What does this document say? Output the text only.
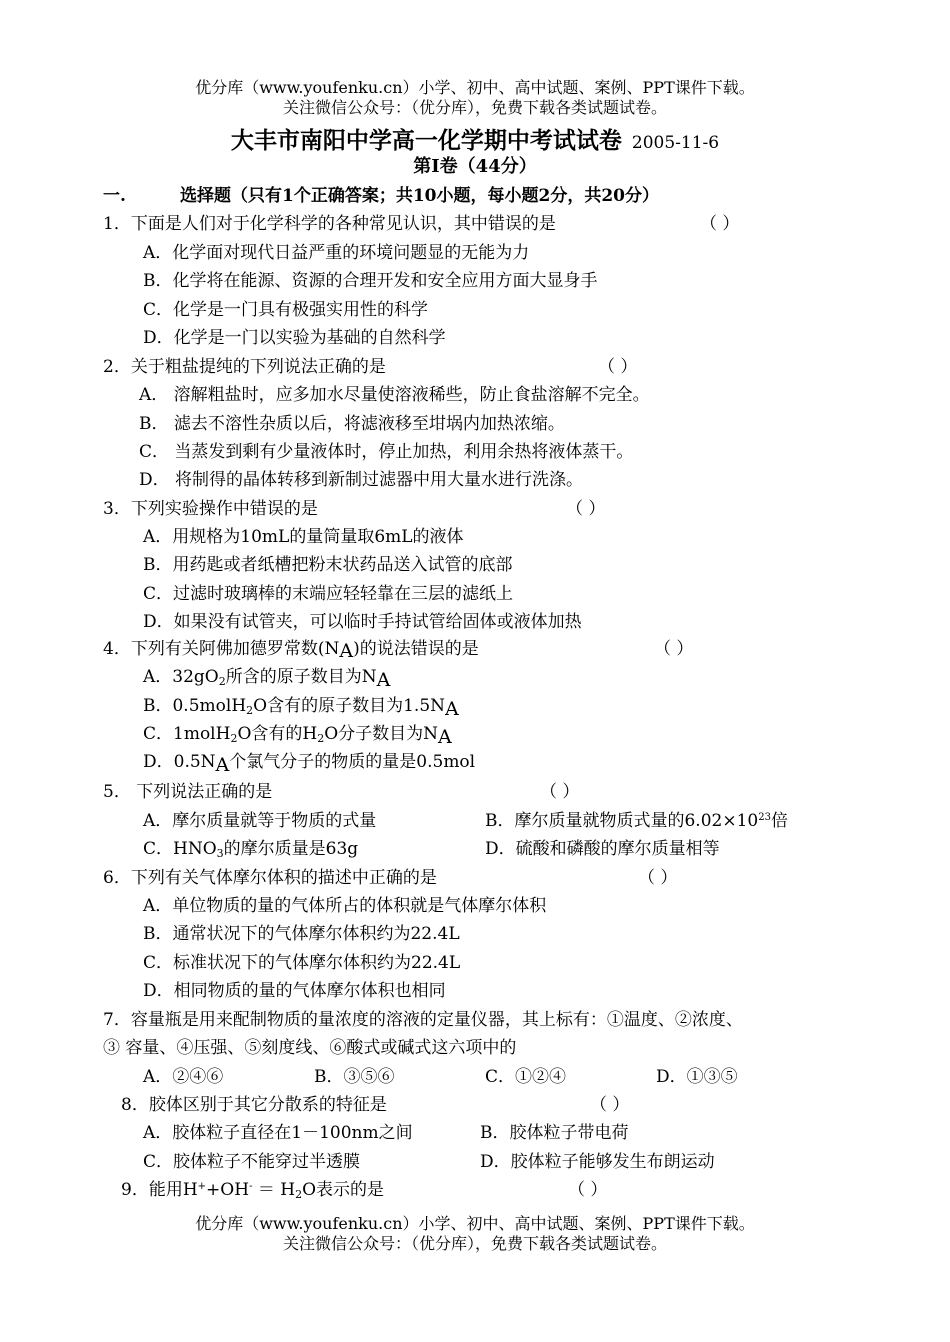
优分库（www.youfenku.cn）小学、初中、高中试题、案例、PPT课件下载。
关注微信公众号：（优分库），免费下载各类试题试卷。
大丰市南阳中学高一化学期中考试试卷 2005-11-6
第Ⅰ卷（44分）
一.	选择题（只有1个正确答案；共10小题，每小题2分，共20分）
1．下面是人们对于化学科学的各种常见认识，其中错误的是	（ ）
A．化学面对现代日益严重的环境问题显的无能为力
B．化学将在能源、资源的合理开发和安全应用方面大显身手
C．化学是一门具有极强实用性的科学
D．化学是一门以实验为基础的自然科学
2．关于粗盐提纯的下列说法正确的是	（ ）
A． 溶解粗盐时，应多加水尽量使溶液稀些，防止食盐溶解不完全。
B． 滤去不溶性杂质以后，将滤液移至坩埚内加热浓缩。
C． 当蒸发到剩有少量液体时，停止加热，利用余热将液体蒸干。
D． 将制得的晶体转移到新制过滤器中用大量水进行洗涤。
3．下列实验操作中错误的是	（ ）
A．用规格为10mL的量筒量取6mL的液体
B．用药匙或者纸槽把粉末状药品送入试管的底部
C．过滤时玻璃棒的末端应轻轻靠在三层的滤纸上
D．如果没有试管夹，可以临时手持试管给固体或液体加热
4．下列有关阿佛加德罗常数(NA)的说法错误的是	（ ）
A．$32gO_2$所含的原子数目为NA
B．0.5molH$_2$O含有的原子数目为1.5NA
C．1molH$_2$O含有的$H_2O$分子数目为NA
D．0.5NA个氯气分子的物质的量是0.5mol
5． 下列说法正确的是	（ ）
A．摩尔质量就等于物质的式量	B．摩尔质量就物质式量的$6.02\times 10^{23}$倍
C．$HNO_3$的摩尔质量是63g	D．硫酸和磷酸的摩尔质量相等
6．下列有关气体摩尔体积的描述中正确的是	（ ）
A．单位物质的量的气体所占的体积就是气体摩尔体积
B．通常状况下的气体摩尔体积约为22.4L
C．标准状况下的气体摩尔体积约为22.4L
D．相同物质的量的气体摩尔体积也相同
7．容量瓶是用来配制物质的量浓度的溶液的定量仪器，其上标有：①温度、②浓度、
③ 容量、④压强、⑤刻度线、⑥酸式或碱式这六项中的
A．②④⑥	B．③⑤⑥	C．①②④	D．①③⑤
8．胶体区别于其它分散系的特征是	（ ）
A．胶体粒子直径在1－100nm之间	B．胶体粒子带电荷
C．胶体粒子不能穿过半透膜	D．胶体粒子能够发生布朗运动
9．能用$H^++OH^- = H_2O$表示的是	（ ）
优分库（www.youfenku.cn）小学、初中、高中试题、案例、PPT课件下载。
关注微信公众号：（优分库），免费下载各类试题试卷。
